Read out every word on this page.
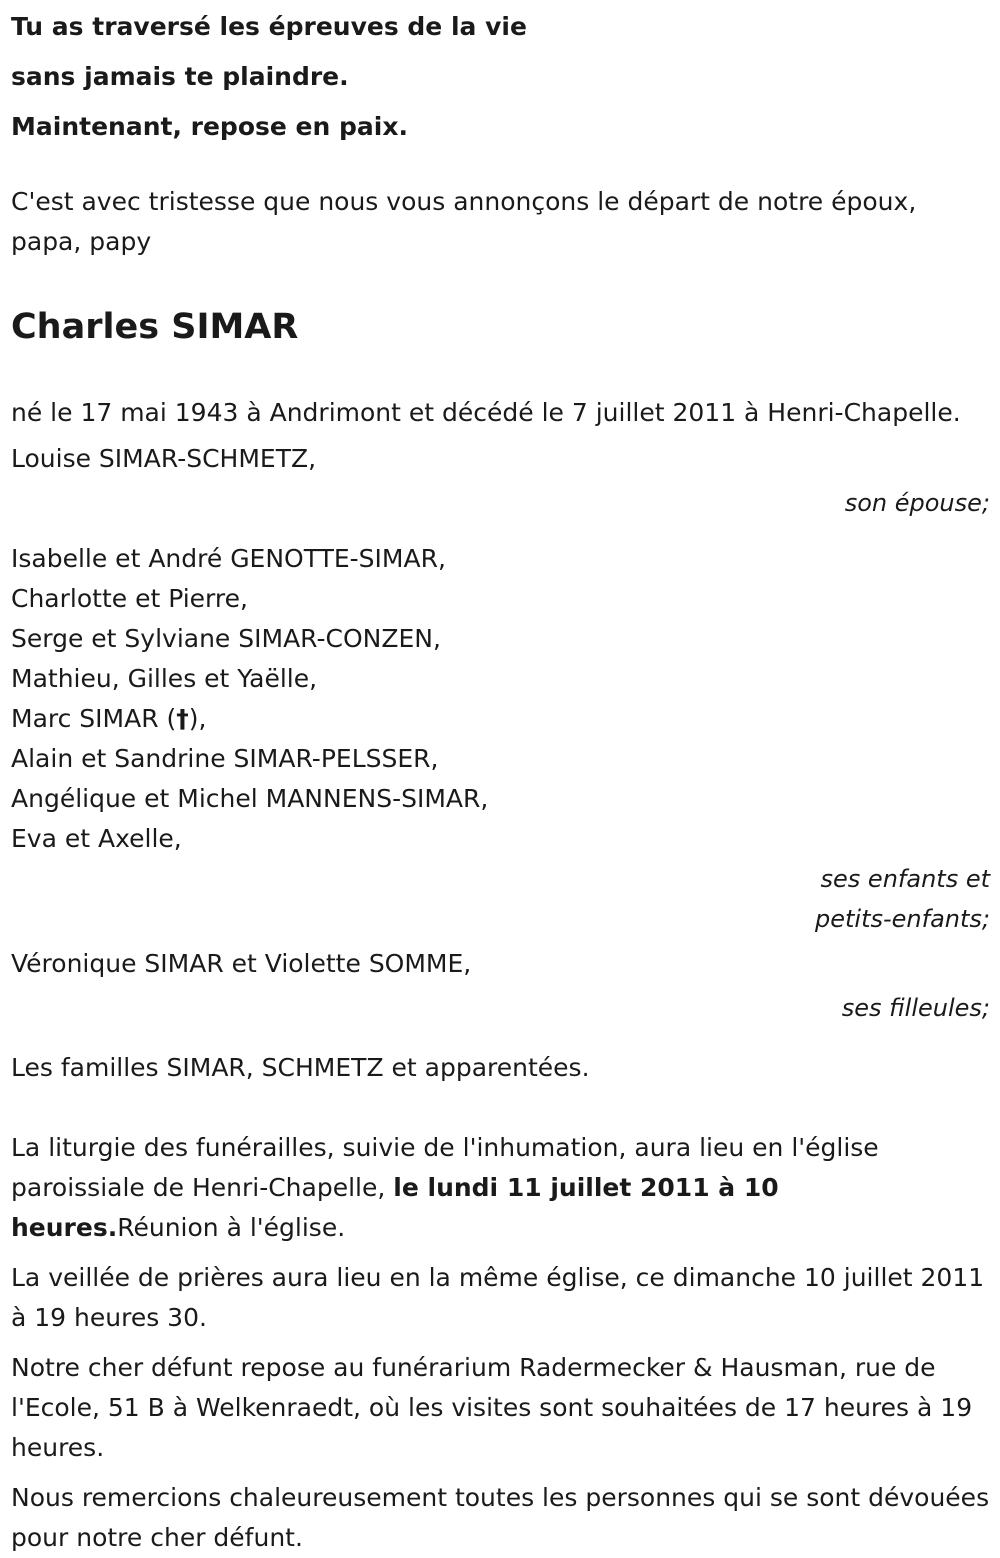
Tu as traversé les épreuves de la vie
sans jamais te plaindre.
Maintenant, repose en paix.

C'est avec tristesse que nous vous annonçons le départ de notre époux, papa, papy

Charles SIMAR

né le 17 mai 1943 à Andrimont et décédé le 7 juillet 2011 à Henri-Chapelle.

Louise SIMAR-SCHMETZ,
son épouse;
Isabelle et André GENOTTE-SIMAR,
Charlotte et Pierre,
Serge et Sylviane SIMAR-CONZEN,
Mathieu, Gilles et Yaëlle,
Marc SIMAR (†),
Alain et Sandrine SIMAR-PELSSER,
Angélique et Michel MANNENS-SIMAR,
Eva et Axelle,
ses enfants et
petits-enfants;
Véronique SIMAR et Violette SOMME,
ses filleules;

Les familles SIMAR, SCHMETZ et apparentées.

La liturgie des funérailles, suivie de l'inhumation, aura lieu en l'église paroissiale de Henri-Chapelle, le lundi 11 juillet 2011 à 10 heures.Réunion à l'église.

La veillée de prières aura lieu en la même église, ce dimanche 10 juillet 2011 à 19 heures 30.

Notre cher défunt repose au funérarium Radermecker & Hausman, rue de l'Ecole, 51 B à Welkenraedt, où les visites sont souhaitées de 17 heures à 19 heures.

Nous remercions chaleureusement toutes les personnes qui se sont dévouées pour notre cher défunt.
